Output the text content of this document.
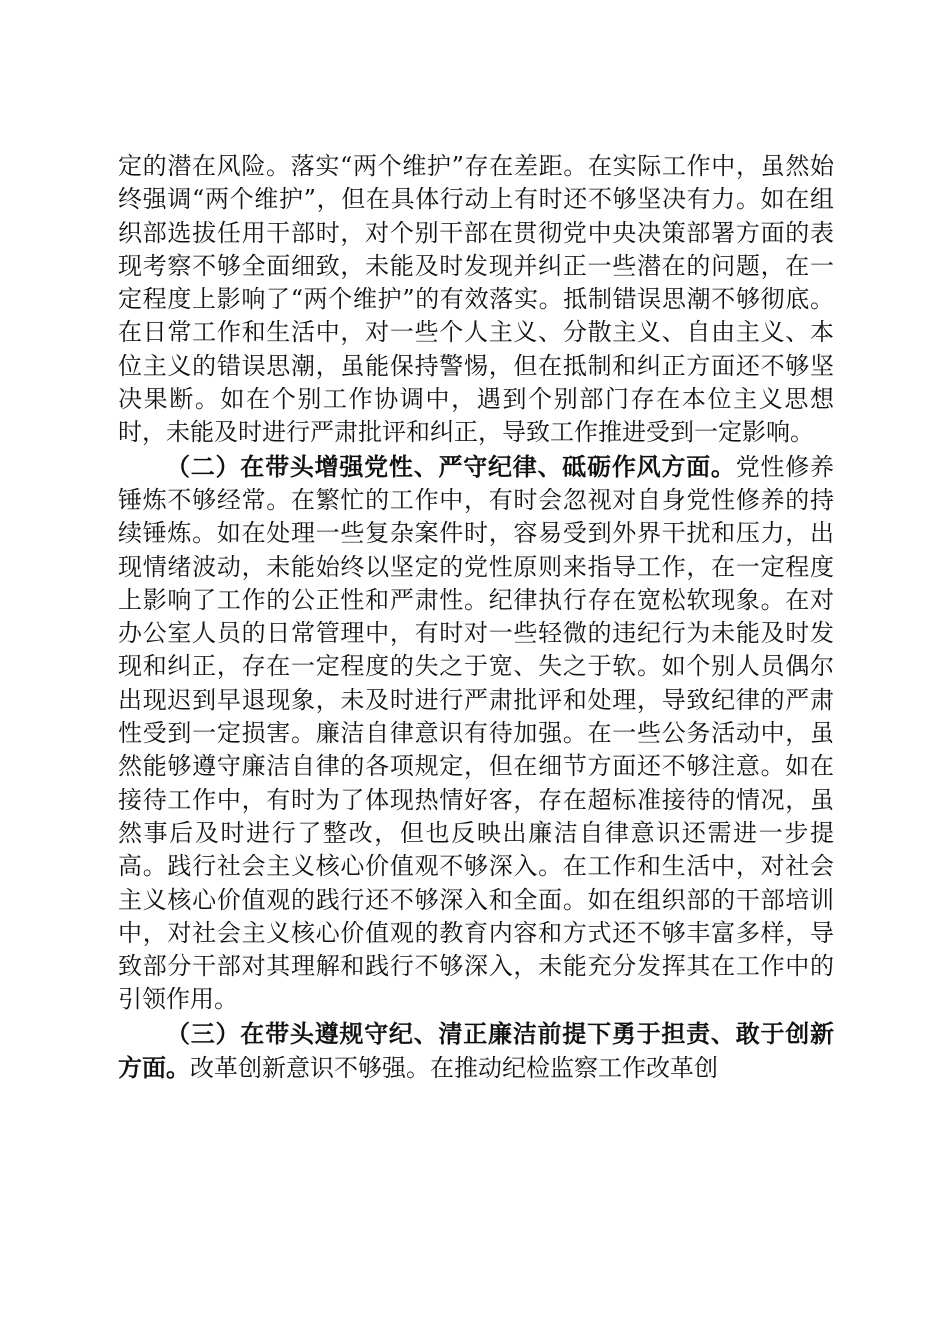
定的潜在风险。落实“两个维护”存在差距。在实际工作中，虽然始终强调“两个维护”，但在具体行动上有时还不够坚决有力。如在组织部选拔任用干部时，对个别干部在贯彻党中央决策部署方面的表现考察不够全面细致，未能及时发现并纠正一些潜在的问题，在一定程度上影响了“两个维护”的有效落实。抵制错误思潮不够彻底。在日常工作和生活中，对一些个人主义、分散主义、自由主义、本位主义的错误思潮，虽能保持警惕，但在抵制和纠正方面还不够坚决果断。如在个别工作协调中，遇到个别部门存在本位主义思想时，未能及时进行严肃批评和纠正，导致工作推进受到一定影响。

（二）在带头增强党性、严守纪律、砥砺作风方面。党性修养锤炼不够经常。在繁忙的工作中，有时会忽视对自身党性修养的持续锤炼。如在处理一些复杂案件时，容易受到外界干扰和压力，出现情绪波动，未能始终以坚定的党性原则来指导工作，在一定程度上影响了工作的公正性和严肃性。纪律执行存在宽松软现象。在对办公室人员的日常管理中，有时对一些轻微的违纪行为未能及时发现和纠正，存在一定程度的失之于宽、失之于软。如个别人员偶尔出现迟到早退现象，未及时进行严肃批评和处理，导致纪律的严肃性受到一定损害。廉洁自律意识有待加强。在一些公务活动中，虽然能够遵守廉洁自律的各项规定，但在细节方面还不够注意。如在接待工作中，有时为了体现热情好客，存在超标准接待的情况，虽然事后及时进行了整改，但也反映出廉洁自律意识还需进一步提高。践行社会主义核心价值观不够深入。在工作和生活中，对社会主义核心价值观的践行还不够深入和全面。如在组织部的干部培训中，对社会主义核心价值观的教育内容和方式还不够丰富多样，导致部分干部对其理解和践行不够深入，未能充分发挥其在工作中的引领作用。

（三）在带头遵规守纪、清正廉洁前提下勇于担责、敢于创新方面。改革创新意识不够强。在推动纪检监察工作改革创
